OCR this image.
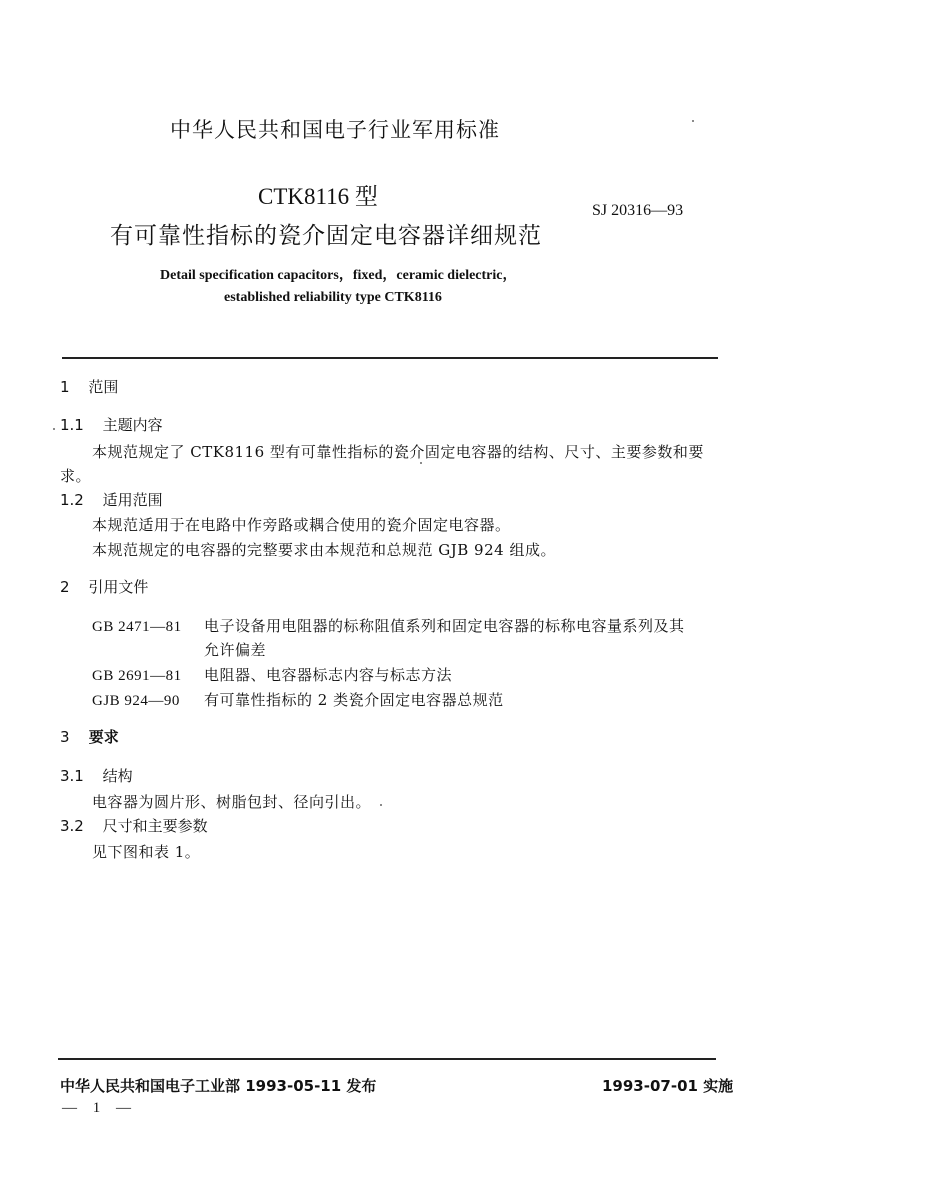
中华人民共和国电子行业军用标准
CTK8116 型
有可靠性指标的瓷介固定电容器详细规范
SJ 20316—93
Detail specification capacitors，fixed，ceramic dielectric，
established reliability type CTK8116
1 范围
1.1 主题内容
本规范规定了 CTK8116 型有可靠性指标的瓷介固定电容器的结构、尺寸、主要参数和要
求。
1.2 适用范围
本规范适用于在电路中作旁路或耦合使用的瓷介固定电容器。
本规范规定的电容器的完整要求由本规范和总规范 GJB 924 组成。
2 引用文件
GB 2471—81 电子设备用电阻器的标称阻值系列和固定电容器的标称电容量系列及其
允许偏差
GB 2691—81 电阻器、电容器标志内容与标志方法
GJB 924—90 有可靠性指标的 2 类瓷介固定电容器总规范
3 要求
3.1 结构
电容器为圆片形、树脂包封、径向引出。
3.2 尺寸和主要参数
见下图和表 1。
中华人民共和国电子工业部 1993-05-11 发布	1993-07-01 实施
— 1 —
